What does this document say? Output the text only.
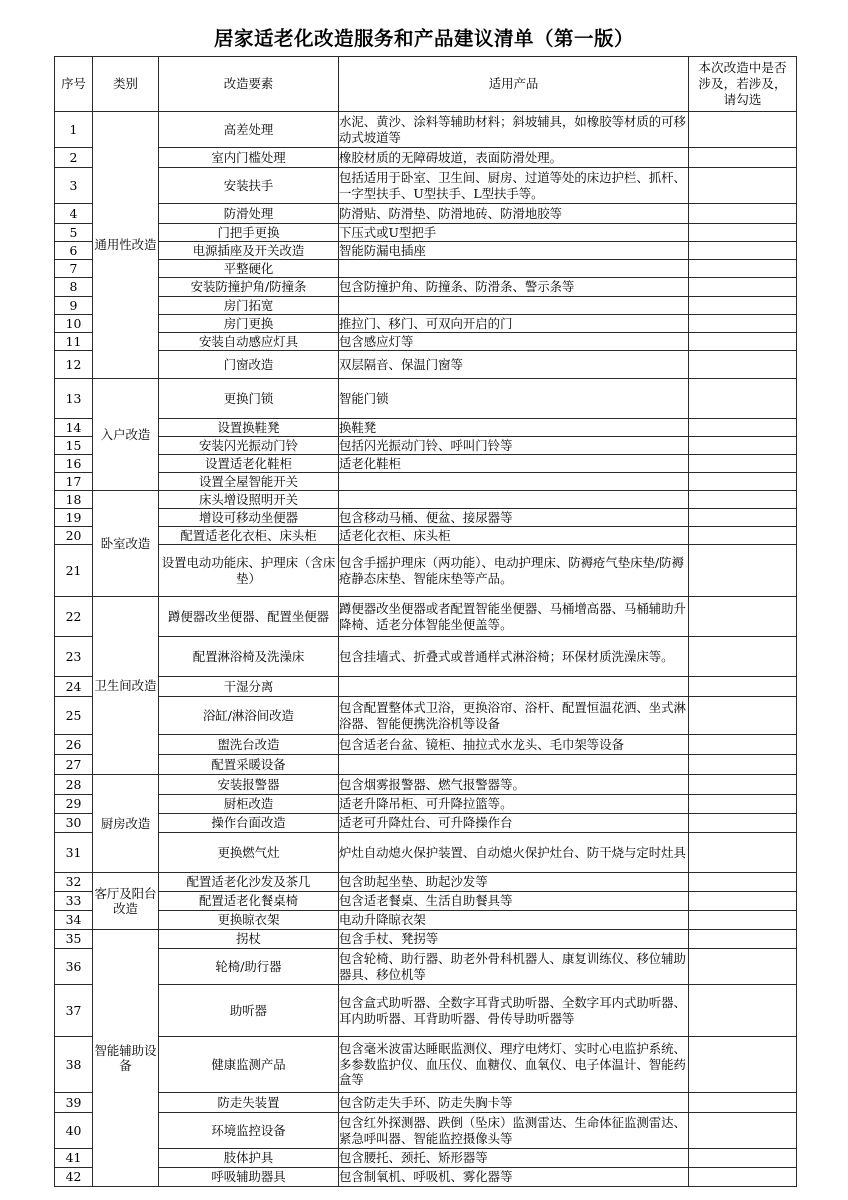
居家适老化改造服务和产品建议清单（第一版）
序号	类别	改造要素	适用产品	本次改造中是否涉及，若涉及，请勾选
1	通用性改造	高差处理	水泥、黄沙、涂料等辅助材料；斜坡辅具，如橡胶等材质的可移动式坡道等	
2		室内门槛处理	橡胶材质的无障碍坡道，表面防滑处理。	
3		安装扶手	包括适用于卧室、卫生间、厨房、过道等处的床边护栏、抓杆、一字型扶手、U型扶手、L型扶手等。	
4		防滑处理	防滑贴、防滑垫、防滑地砖、防滑地胶等	
5		门把手更换	下压式或U型把手	
6		电源插座及开关改造	智能防漏电插座	
7		平整硬化		
8		安装防撞护角/防撞条	包含防撞护角、防撞条、防滑条、警示条等	
9		房门拓宽		
10		房门更换	推拉门、移门、可双向开启的门	
11		安装自动感应灯具	包含感应灯等	
12		门窗改造	双层隔音、保温门窗等	
13	入户改造	更换门锁	智能门锁	
14		设置换鞋凳	换鞋凳	
15		安装闪光振动门铃	包括闪光振动门铃、呼叫门铃等	
16		设置适老化鞋柜	适老化鞋柜	
17		设置全屋智能开关		
18	卧室改造	床头增设照明开关		
19		增设可移动坐便器	包含移动马桶、便盆、接尿器等	
20		配置适老化衣柜、床头柜	适老化衣柜、床头柜	
21		设置电动功能床、护理床（含床垫）	包含手摇护理床（两功能）、电动护理床、防褥疮气垫床垫/防褥疮静态床垫、智能床垫等产品。	
22	卫生间改造	蹲便器改坐便器、配置坐便器	蹲便器改坐便器或者配置智能坐便器、马桶增高器、马桶辅助升降椅、适老分体智能坐便盖等。	
23		配置淋浴椅及洗澡床	包含挂墙式、折叠式或普通样式淋浴椅；环保材质洗澡床等。	
24		干湿分离		
25		浴缸/淋浴间改造	包含配置整体式卫浴，更换浴帘、浴杆、配置恒温花洒、坐式淋浴器、智能便携洗浴机等设备	
26		盥洗台改造	包含适老台盆、镜柜、抽拉式水龙头、毛巾架等设备	
27		配置采暖设备		
28	厨房改造	安装报警器	包含烟雾报警器、燃气报警器等。	
29		厨柜改造	适老升降吊柜、可升降拉篮等。	
30		操作台面改造	适老可升降灶台、可升降操作台	
31		更换燃气灶	炉灶自动熄火保护装置、自动熄火保护灶台、防干烧与定时灶具	
32	客厅及阳台改造	配置适老化沙发及茶几	包含助起坐垫、助起沙发等	
33		配置适老化餐桌椅	包含适老餐桌、生活自助餐具等	
34		更换晾衣架	电动升降晾衣架	
35	智能辅助设备	拐杖	包含手杖、凳拐等	
36		轮椅/助行器	包含轮椅、助行器、助老外骨科机器人、康复训练仪、移位辅助器具、移位机等	
37		助听器	包含盒式助听器、全数字耳背式助听器、全数字耳内式助听器、耳内助听器、耳背助听器、骨传导助听器等	
38		健康监测产品	包含毫米波雷达睡眠监测仪、理疗电烤灯、实时心电监护系统、多参数监护仪、血压仪、血糖仪、血氧仪、电子体温计、智能药盒等	
39		防走失装置	包含防走失手环、防走失胸卡等	
40		环境监控设备	包含红外探测器、跌倒（坠床）监测雷达、生命体征监测雷达、紧急呼叫器、智能监控摄像头等	
41		肢体护具	包含腰托、颈托、矫形器等	
42		呼吸辅助器具	包含制氧机、呼吸机、雾化器等	
